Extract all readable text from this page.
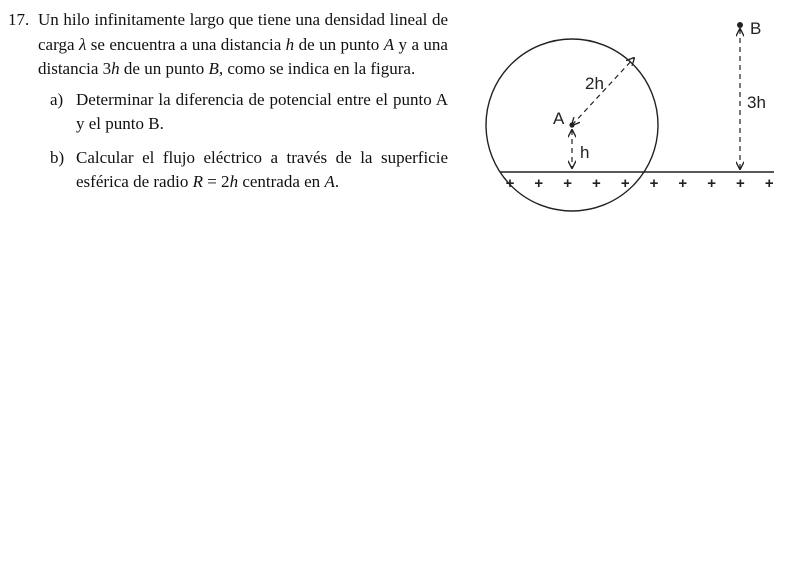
17. Un hilo infinitamente largo que tiene una densidad lineal de carga λ se encuentra a una distancia h de un punto A y a una distancia 3h de un punto B, como se indica en la figura.
a) Determinar la diferencia de potencial entre el punto A y el punto B.
b) Calcular el flujo eléctrico a través de la superficie esférica de radio R = 2h centrada en A.	+ + + + + + + + + +
A
B
2h
h
3h
